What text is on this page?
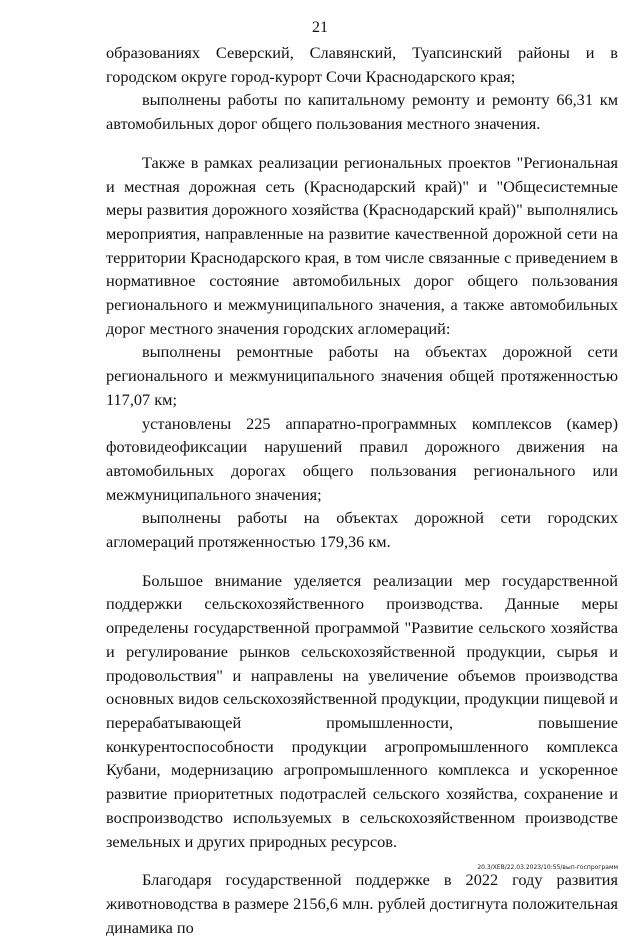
21

образованиях Северский, Славянский, Туапсинский районы и в городском округе город-курорт Сочи Краснодарского края;

выполнены работы по капитальному ремонту и ремонту 66,31 км автомобильных дорог общего пользования местного значения.

Также в рамках реализации региональных проектов "Региональная и местная дорожная сеть (Краснодарский край)" и "Общесистемные меры развития дорожного хозяйства (Краснодарский край)" выполнялись мероприятия, направленные на развитие качественной дорожной сети на территории Краснодарского края, в том числе связанные с приведением в нормативное состояние автомобильных дорог общего пользования регионального и межмуниципального значения, а также автомобильных дорог местного значения городских агломераций:

выполнены ремонтные работы на объектах дорожной сети регионального и межмуниципального значения общей протяженностью 117,07 км;

установлены 225 аппаратно-программных комплексов (камер) фотовидеофиксации нарушений правил дорожного движения на автомобильных дорогах общего пользования регионального или межмуниципального значения;

выполнены работы на объектах дорожной сети городских агломераций протяженностью 179,36 км.

Большое внимание уделяется реализации мер государственной поддержки сельскохозяйственного производства. Данные меры определены государственной программой "Развитие сельского хозяйства и регулирование рынков сельскохозяйственной продукции, сырья и продовольствия" и направлены на увеличение объемов производства основных видов сельскохозяйственной продукции, продукции пищевой и перерабатывающей промышленности, повышение конкурентоспособности продукции агропромышленного комплекса Кубани, модернизацию агропромышленного комплекса и ускоренное развитие приоритетных подотраслей сельского хозяйства, сохранение и воспроизводство используемых в сельскохозяйственном производстве земельных и других природных ресурсов.

Благодаря государственной поддержке в 2022 году развития животноводства в размере 2156,6 млн. рублей достигнута положительная динамика по

20.3/ХЕВ/22.03.2023/10:55/вып-госпрограмм
